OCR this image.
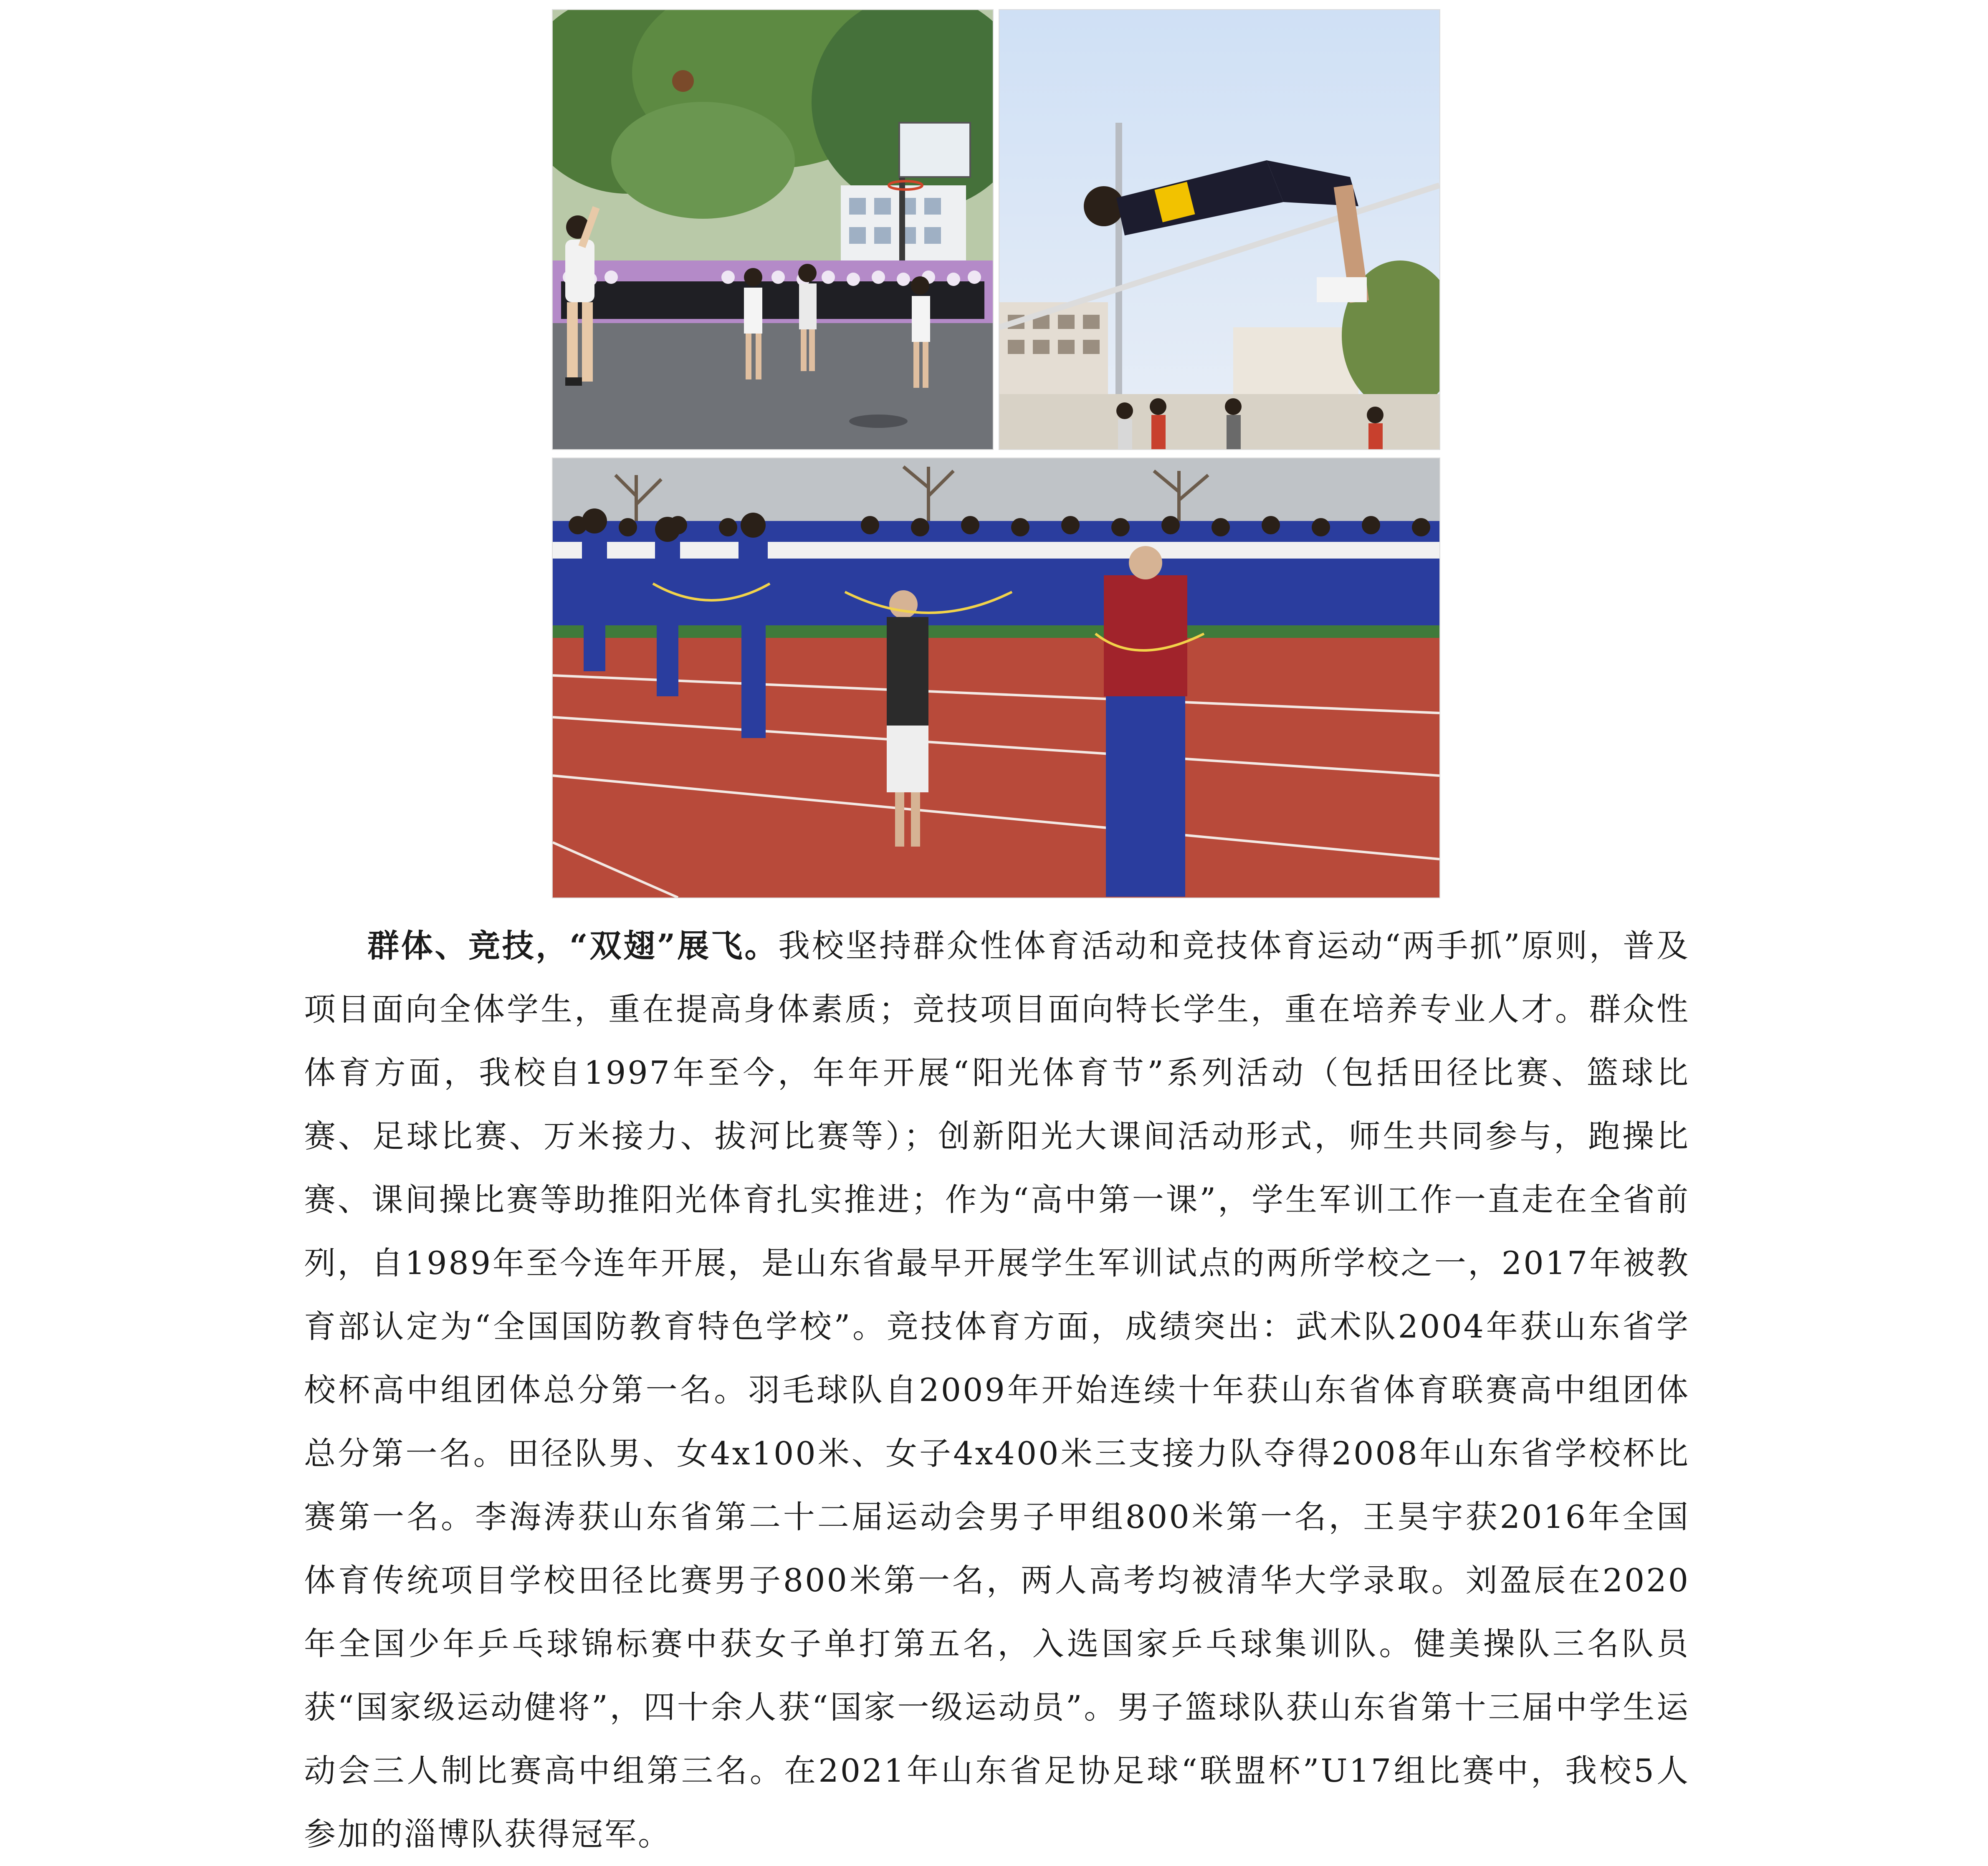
群体、竞技，“双翅”展飞。我校坚持群众性体育活动和竞技体育运动“两手抓”原则，普及项目面向全体学生，重在提高身体素质；竞技项目面向特长学生，重在培养专业人才。群众性体育方面，我校自1997年至今，年年开展“阳光体育节”系列活动（包括田径比赛、篮球比赛、足球比赛、万米接力、拔河比赛等）；创新阳光大课间活动形式，师生共同参与，跑操比赛、课间操比赛等助推阳光体育扎实推进；作为“高中第一课”，学生军训工作一直走在全省前列，自1989年至今连年开展，是山东省最早开展学生军训试点的两所学校之一，2017年被教育部认定为“全国国防教育特色学校”。竞技体育方面，成绩突出：武术队2004年获山东省学校杯高中组团体总分第一名。羽毛球队自2009年开始连续十年获山东省体育联赛高中组团体总分第一名。田径队男、女4x100米、女子4x400米三支接力队夺得2008年山东省学校杯比赛第一名。李海涛获山东省第二十二届运动会男子甲组800米第一名，王昊宇获2016年全国体育传统项目学校田径比赛男子800米第一名，两人高考均被清华大学录取。刘盈辰在2020年全国少年乒乓球锦标赛中获女子单打第五名，入选国家乒乓球集训队。健美操队三名队员获“国家级运动健将”，四十余人获“国家一级运动员”。男子篮球队获山东省第十三届中学生运动会三人制比赛高中组第三名。在2021年山东省足协足球“联盟杯”U17组比赛中，我校5人参加的淄博队获得冠军。
